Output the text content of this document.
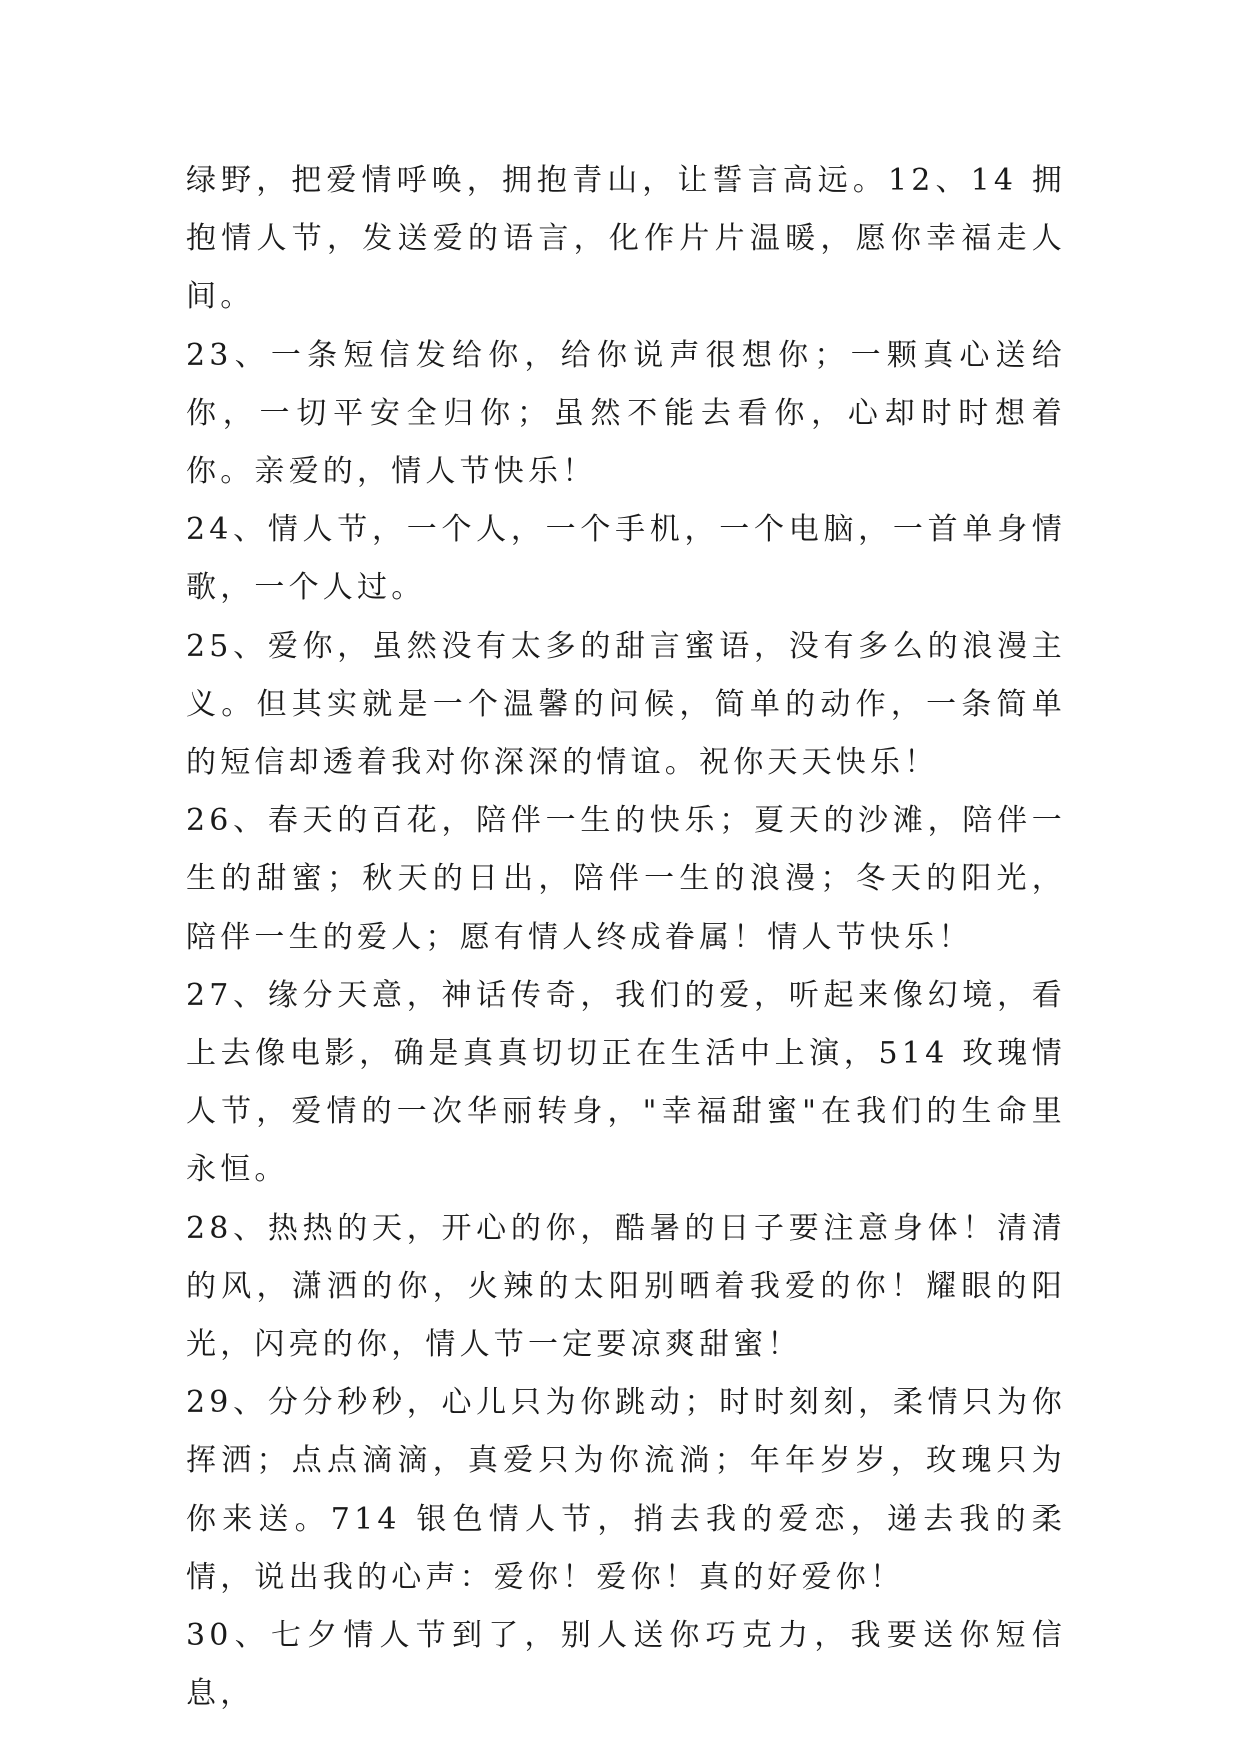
绿野，把爱情呼唤，拥抱青山，让誓言高远。12、14 拥抱情人节，发送爱的语言，化作片片温暖，愿你幸福走人间。

23、一条短信发给你，给你说声很想你；一颗真心送给你，一切平安全归你；虽然不能去看你，心却时时想着你。亲爱的，情人节快乐！

24、情人节，一个人，一个手机，一个电脑，一首单身情歌，一个人过。

25、爱你，虽然没有太多的甜言蜜语，没有多么的浪漫主义。但其实就是一个温馨的问候，简单的动作，一条简单的短信却透着我对你深深的情谊。祝你天天快乐！

26、春天的百花，陪伴一生的快乐；夏天的沙滩，陪伴一生的甜蜜；秋天的日出，陪伴一生的浪漫；冬天的阳光，陪伴一生的爱人；愿有情人终成眷属！情人节快乐！

27、缘分天意，神话传奇，我们的爱，听起来像幻境，看上去像电影，确是真真切切正在生活中上演，514 玫瑰情人节，爱情的一次华丽转身，"幸福甜蜜"在我们的生命里永恒。

28、热热的天，开心的你，酷暑的日子要注意身体！清清的风，潇洒的你，火辣的太阳别晒着我爱的你！耀眼的阳光，闪亮的你，情人节一定要凉爽甜蜜！

29、分分秒秒，心儿只为你跳动；时时刻刻，柔情只为你挥洒；点点滴滴，真爱只为你流淌；年年岁岁，玫瑰只为你来送。714 银色情人节，捎去我的爱恋，递去我的柔情，说出我的心声：爱你！爱你！真的好爱你！

30、七夕情人节到了，别人送你巧克力，我要送你短信息，
